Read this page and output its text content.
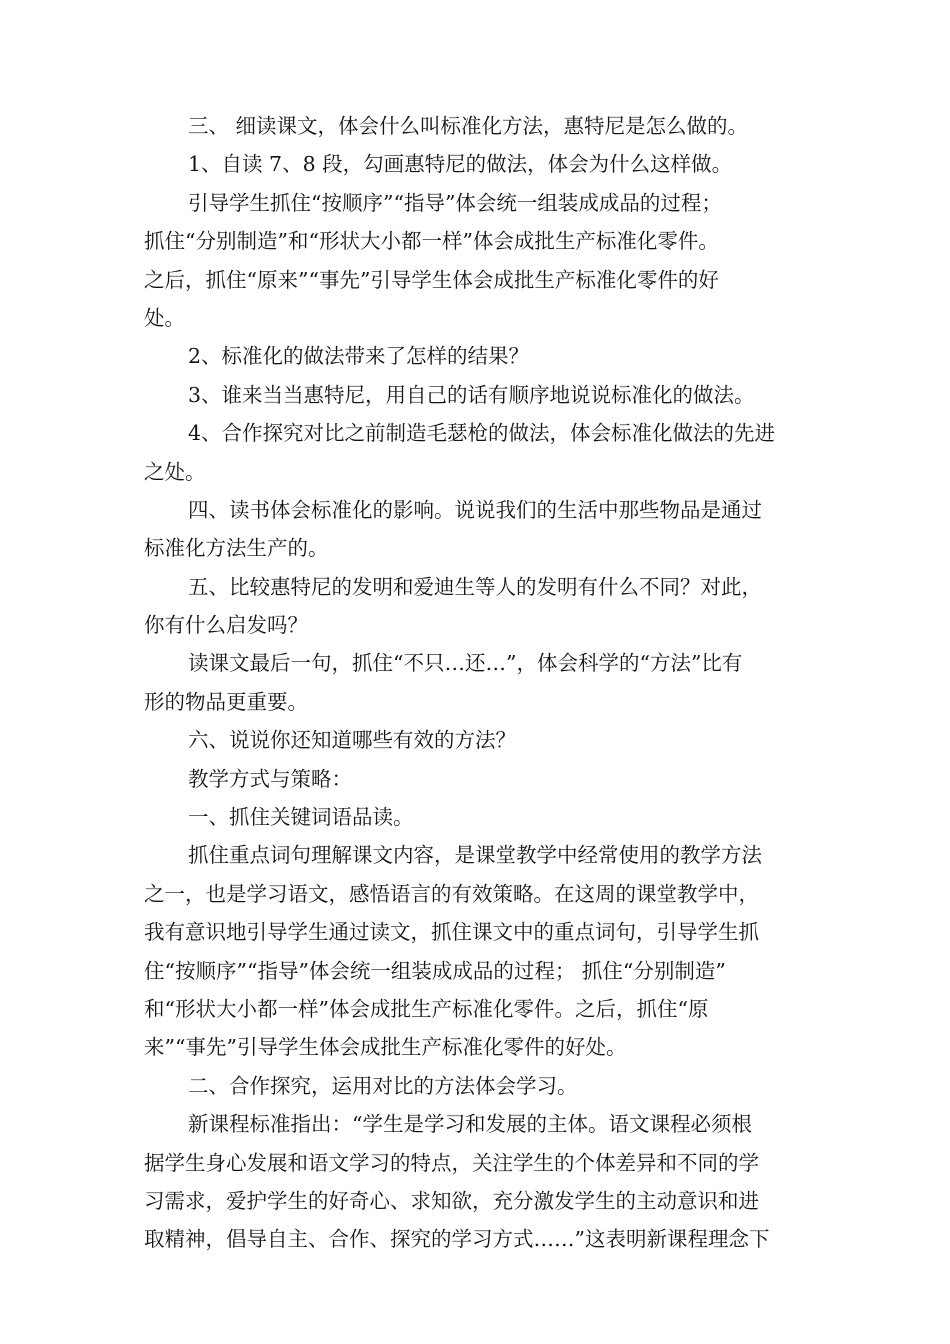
三、 细读课文，体会什么叫标准化方法，惠特尼是怎么做的。
1、自读 7、8 段，勾画惠特尼的做法，体会为什么这样做。
引导学生抓住“按顺序”“指导”体会统一组装成成品的过程；
抓住“分别制造”和“形状大小都一样”体会成批生产标准化零件。
之后，抓住“原来”“事先”引导学生体会成批生产标准化零件的好
处。
2、标准化的做法带来了怎样的结果？
3、谁来当当惠特尼，用自己的话有顺序地说说标准化的做法。
4、合作探究对比之前制造毛瑟枪的做法，体会标准化做法的先进
之处。
四、读书体会标准化的影响。说说我们的生活中那些物品是通过
标准化方法生产的。
五、比较惠特尼的发明和爱迪生等人的发明有什么不同？对此，
你有什么启发吗？
读课文最后一句，抓住“不只…还…”，体会科学的“方法”比有
形的物品更重要。
六、说说你还知道哪些有效的方法？
教学方式与策略：
一、抓住关键词语品读。
抓住重点词句理解课文内容，是课堂教学中经常使用的教学方法
之一，也是学习语文，感悟语言的有效策略。在这周的课堂教学中，
我有意识地引导学生通过读文，抓住课文中的重点词句，引导学生抓
住“按顺序”“指导”体会统一组装成成品的过程； 抓住“分别制造”
和“形状大小都一样”体会成批生产标准化零件。之后，抓住“原
来”“事先”引导学生体会成批生产标准化零件的好处。
二、合作探究，运用对比的方法体会学习。
新课程标准指出：“学生是学习和发展的主体。语文课程必须根
据学生身心发展和语文学习的特点，关注学生的个体差异和不同的学
习需求，爱护学生的好奇心、求知欲，充分激发学生的主动意识和进
取精神，倡导自主、合作、探究的学习方式……”这表明新课程理念下
